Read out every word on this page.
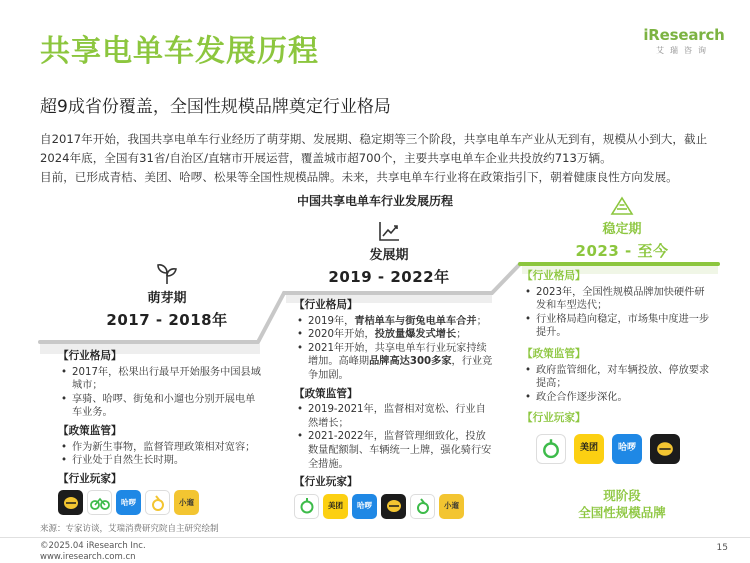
共享电单车发展历程	iResearch
艾瑞咨询
超9成省份覆盖，全国性规模品牌奠定行业格局

自2017年开始，我国共享电单车行业经历了萌芽期、发展期、稳定期等三个阶段，共享电单车产业从无到有，规模从小到大，截止2024年底，全国有31省/自治区/直辖市开展运营，覆盖城市超700个，主要共享电单车企业共投放约713万辆。

目前，已形成青桔、美团、哈啰、松果等全国性规模品牌。未来，共享电单车行业将在政策指引下，朝着健康良性方向发展。

中国共享电单车行业发展历程
萌芽期
2017 - 2018年
发展期
2019 - 2022年
稳定期
2023 - 至今
【行业格局】
• 2017年，松果出行最早开始服务中国县域城市；
• 享骑、哈啰、街兔和小遛也分别开展电单车业务。
【政策监管】
• 作为新生事物，监督管理政策相对宽容；
• 行业处于自然生长时期。
【行业玩家】
哈啰	小遛
【行业格局】
• 2019年，青桔单车与街兔电单车合并；
• 2020年开始，投放量爆发式增长；
• 2021年开始，共享电单车行业玩家持续增加。高峰期品牌高达300多家，行业竞争加剧。
【政策监管】
• 2019-2021年，监督相对宽松、行业自然增长；
• 2021-2022年，监督管理细致化，投放数量配额制、车辆统一上牌，强化骑行安全措施。
【行业玩家】
美团	哈啰	小遛
【行业格局】
• 2023年，全国性规模品牌加快硬件研发和车型迭代；
• 行业格局趋向稳定，市场集中度进一步提升。
【政策监管】
• 政府监管细化，对车辆投放、停放要求提高；
• 政企合作逐步深化。
【行业玩家】
美团	哈啰
现阶段
全国性规模品牌
来源：专家访谈，艾瑞消费研究院自主研究绘制
©2025.04 iResearch Inc.
www.iresearch.com.cn
15
